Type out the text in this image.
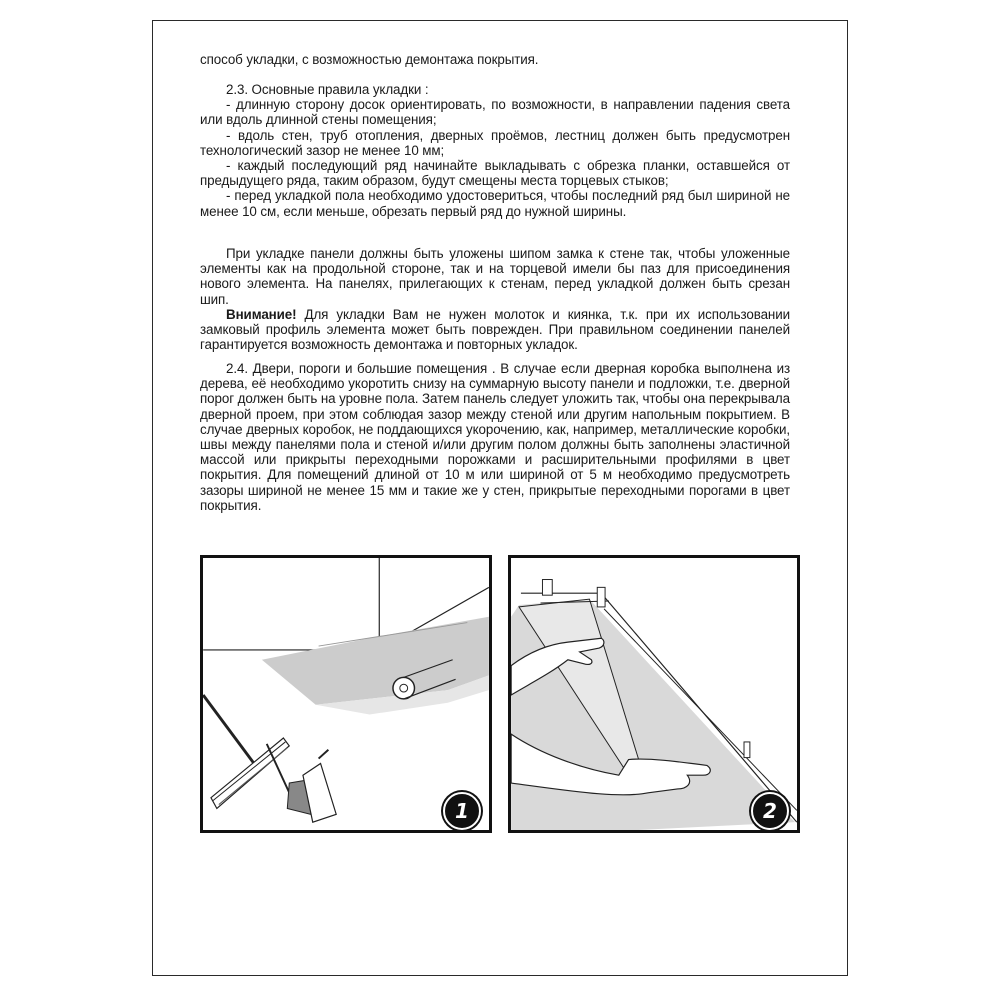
способ укладки, с возможностью демонтажа покрытия.

2.3. Основные правила укладки :

- длинную сторону досок ориентировать, по возможности, в направлении падения света или вдоль длинной стены помещения;

- вдоль стен, труб отопления, дверных проёмов, лестниц должен быть предусмотрен технологический зазор не менее 10 мм;

- каждый последующий ряд начинайте выкладывать с обрезка планки, оставшейся от предыдущего ряда, таким образом, будут смещены места торцевых стыков;

- перед укладкой пола необходимо удостовериться, чтобы последний ряд был шириной не менее 10 см, если меньше, обрезать первый ряд до нужной ширины.

При укладке панели должны быть уложены шипом замка к стене так, чтобы уложенные элементы как на продольной стороне, так и на торцевой имели бы паз для присоединения нового элемента. На панелях, прилегающих к стенам, перед укладкой должен быть срезан шип.

Внимание! Для укладки Вам не нужен молоток и киянка, т.к. при их использовании замковый профиль элемента может быть поврежден. При правильном соединении панелей гарантируется возможность демонтажа и повторных укладок.

2.4. Двери, пороги и большие помещения . В случае если дверная коробка выполнена из дерева, её необходимо укоротить снизу на суммарную высоту панели и подложки, т.е. дверной порог должен быть на уровне пола. Затем панель следует уложить так, чтобы она перекрывала дверной проем, при этом соблюдая зазор между стеной или другим напольным покрытием. В случае дверных коробок, не поддающихся укорочению, как, например, металлические коробки, швы между панелями пола и стеной и/или другим полом должны быть заполнены эластичной массой или прикрыты переходными порожками и расширительными профилями в цвет покрытия. Для помещений длиной от 10 м или шириной от 5 м необходимо предусмотреть зазоры шириной не менее 15 мм и такие же у стен, прикрытые переходными порогами в цвет покрытия.

1	2
